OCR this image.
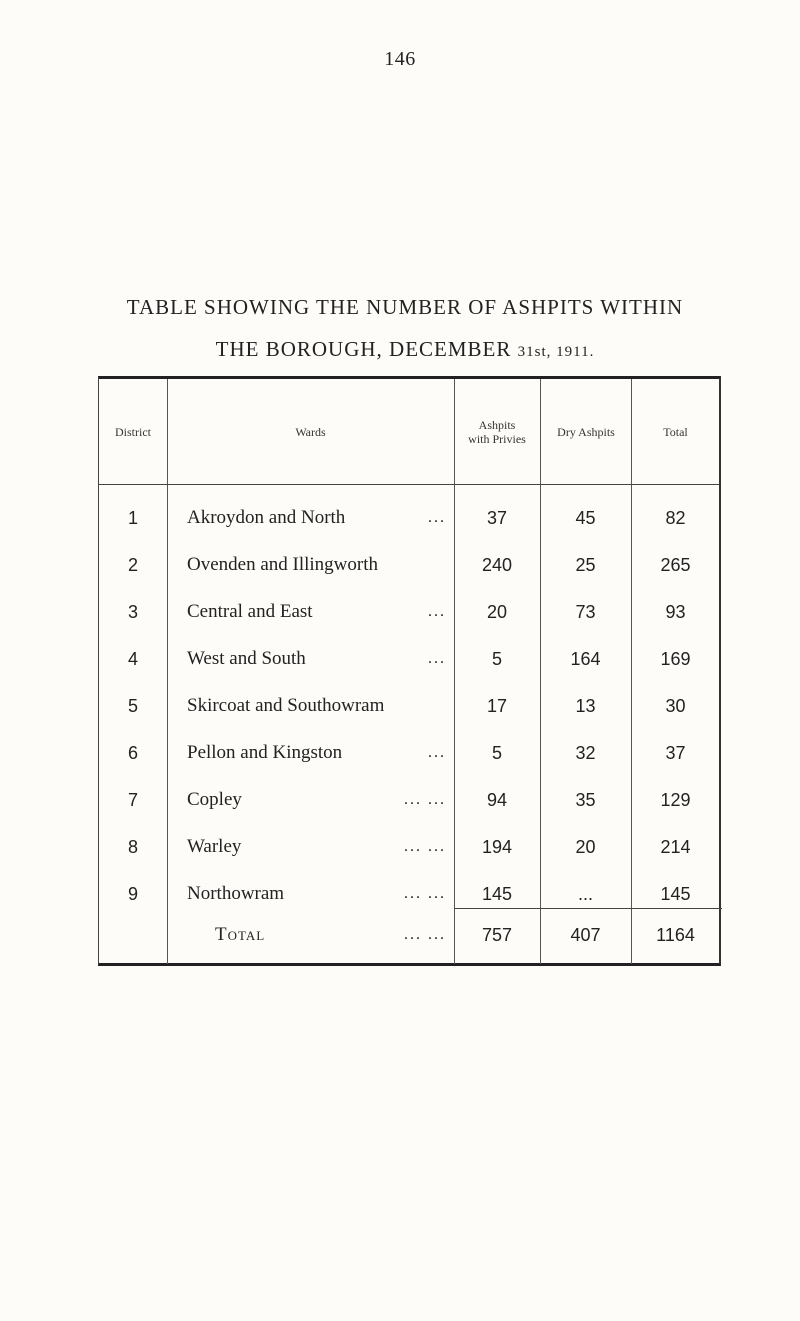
146
TABLE SHOWING THE NUMBER OF ASHPITS WITHIN
THE BOROUGH, DECEMBER 31st, 1911.
District	Wards	Ashpits with Privies	Dry Ashpits	Total
1	Akroydon and North	...	37	45	82
2	Ovenden and Illingworth	240	25	265
3	Central and East	...	20	73	93
4	West and South	...	5	164	169
5	Skircoat and Southowram	17	13	30
6	Pellon and Kingston	...	5	32	37
7	Copley	... ...	94	35	129
8	Warley	... ...	194	20	214
9	Northowram	... ...	145	...	145
Total	... ...	757	407	1164
